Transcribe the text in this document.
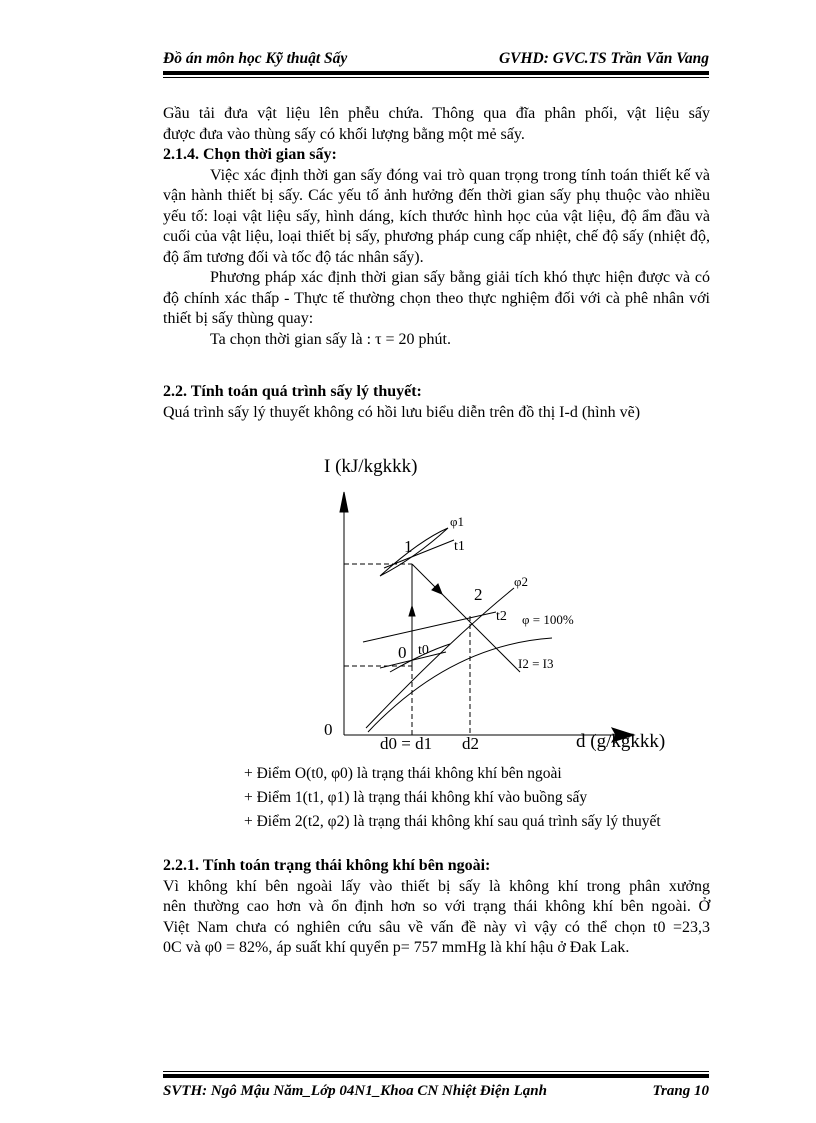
Đồ án môn học Kỹ thuật Sấy	GVHD: GVC.TS Trần Văn Vang

Gầu tải đưa vật liệu lên phễu chứa. Thông qua đĩa phân phối, vật liệu sấy

được đưa vào thùng sấy có khối lượng bằng một mẻ sấy.

2.1.4. Chọn thời gian sấy:

Việc xác định thời gan sấy đóng vai trò quan trọng trong tính toán thiết kế và vận hành thiết bị sấy. Các yếu tố ảnh hưởng đến thời gian sấy phụ thuộc vào nhiều yếu tố: loại vật liệu sấy, hình dáng, kích thước hình học của vật liệu, độ ẩm đầu và cuối của vật liệu, loại thiết bị sấy, phương pháp cung cấp nhiệt, chế độ sấy (nhiệt độ, độ ẩm tương đối và tốc độ tác nhân sấy).

Phương pháp xác định thời gian sấy bằng giải tích khó thực hiện được và có độ chính xác thấp - Thực tế thường chọn theo thực nghiệm đối với cà phê nhân với thiết bị sấy thùng quay:

Ta chọn thời gian sấy là : τ = 20 phút.

2.2. Tính toán quá trình sấy lý thuyết:

Quá trình sấy lý thuyết không có hồi lưu biểu diễn trên đồ thị I-d (hình vẽ)

I (kJ/kgkkk)
d (g/kgkkk)
0
1
2
0
φ1
t1
φ2
t2 φ = 100%
t0
I2 = I3
d0 = d1 d2
+ Điểm O(t0, φ0) là trạng thái không khí bên ngoài
+ Điểm 1(t1, φ1) là trạng thái không khí vào buồng sấy
+ Điểm 2(t2, φ2) là trạng thái không khí sau quá trình sấy lý thuyết

2.2.1. Tính toán trạng thái không khí bên ngoài:

Vì không khí bên ngoài lấy vào thiết bị sấy là không khí trong phân xưởng

nên thường cao hơn và ổn định hơn so với trạng thái không khí bên ngoài. Ở

Việt Nam chưa có nghiên cứu sâu về vấn đề này vì vậy có thể chọn t0 =23,3

0C và φ0 = 82%, áp suất khí quyển p= 757 mmHg là khí hậu ở Đak Lak.

SVTH: Ngô Mậu Năm_Lớp 04N1_Khoa CN Nhiệt Điện Lạnh	Trang 10
